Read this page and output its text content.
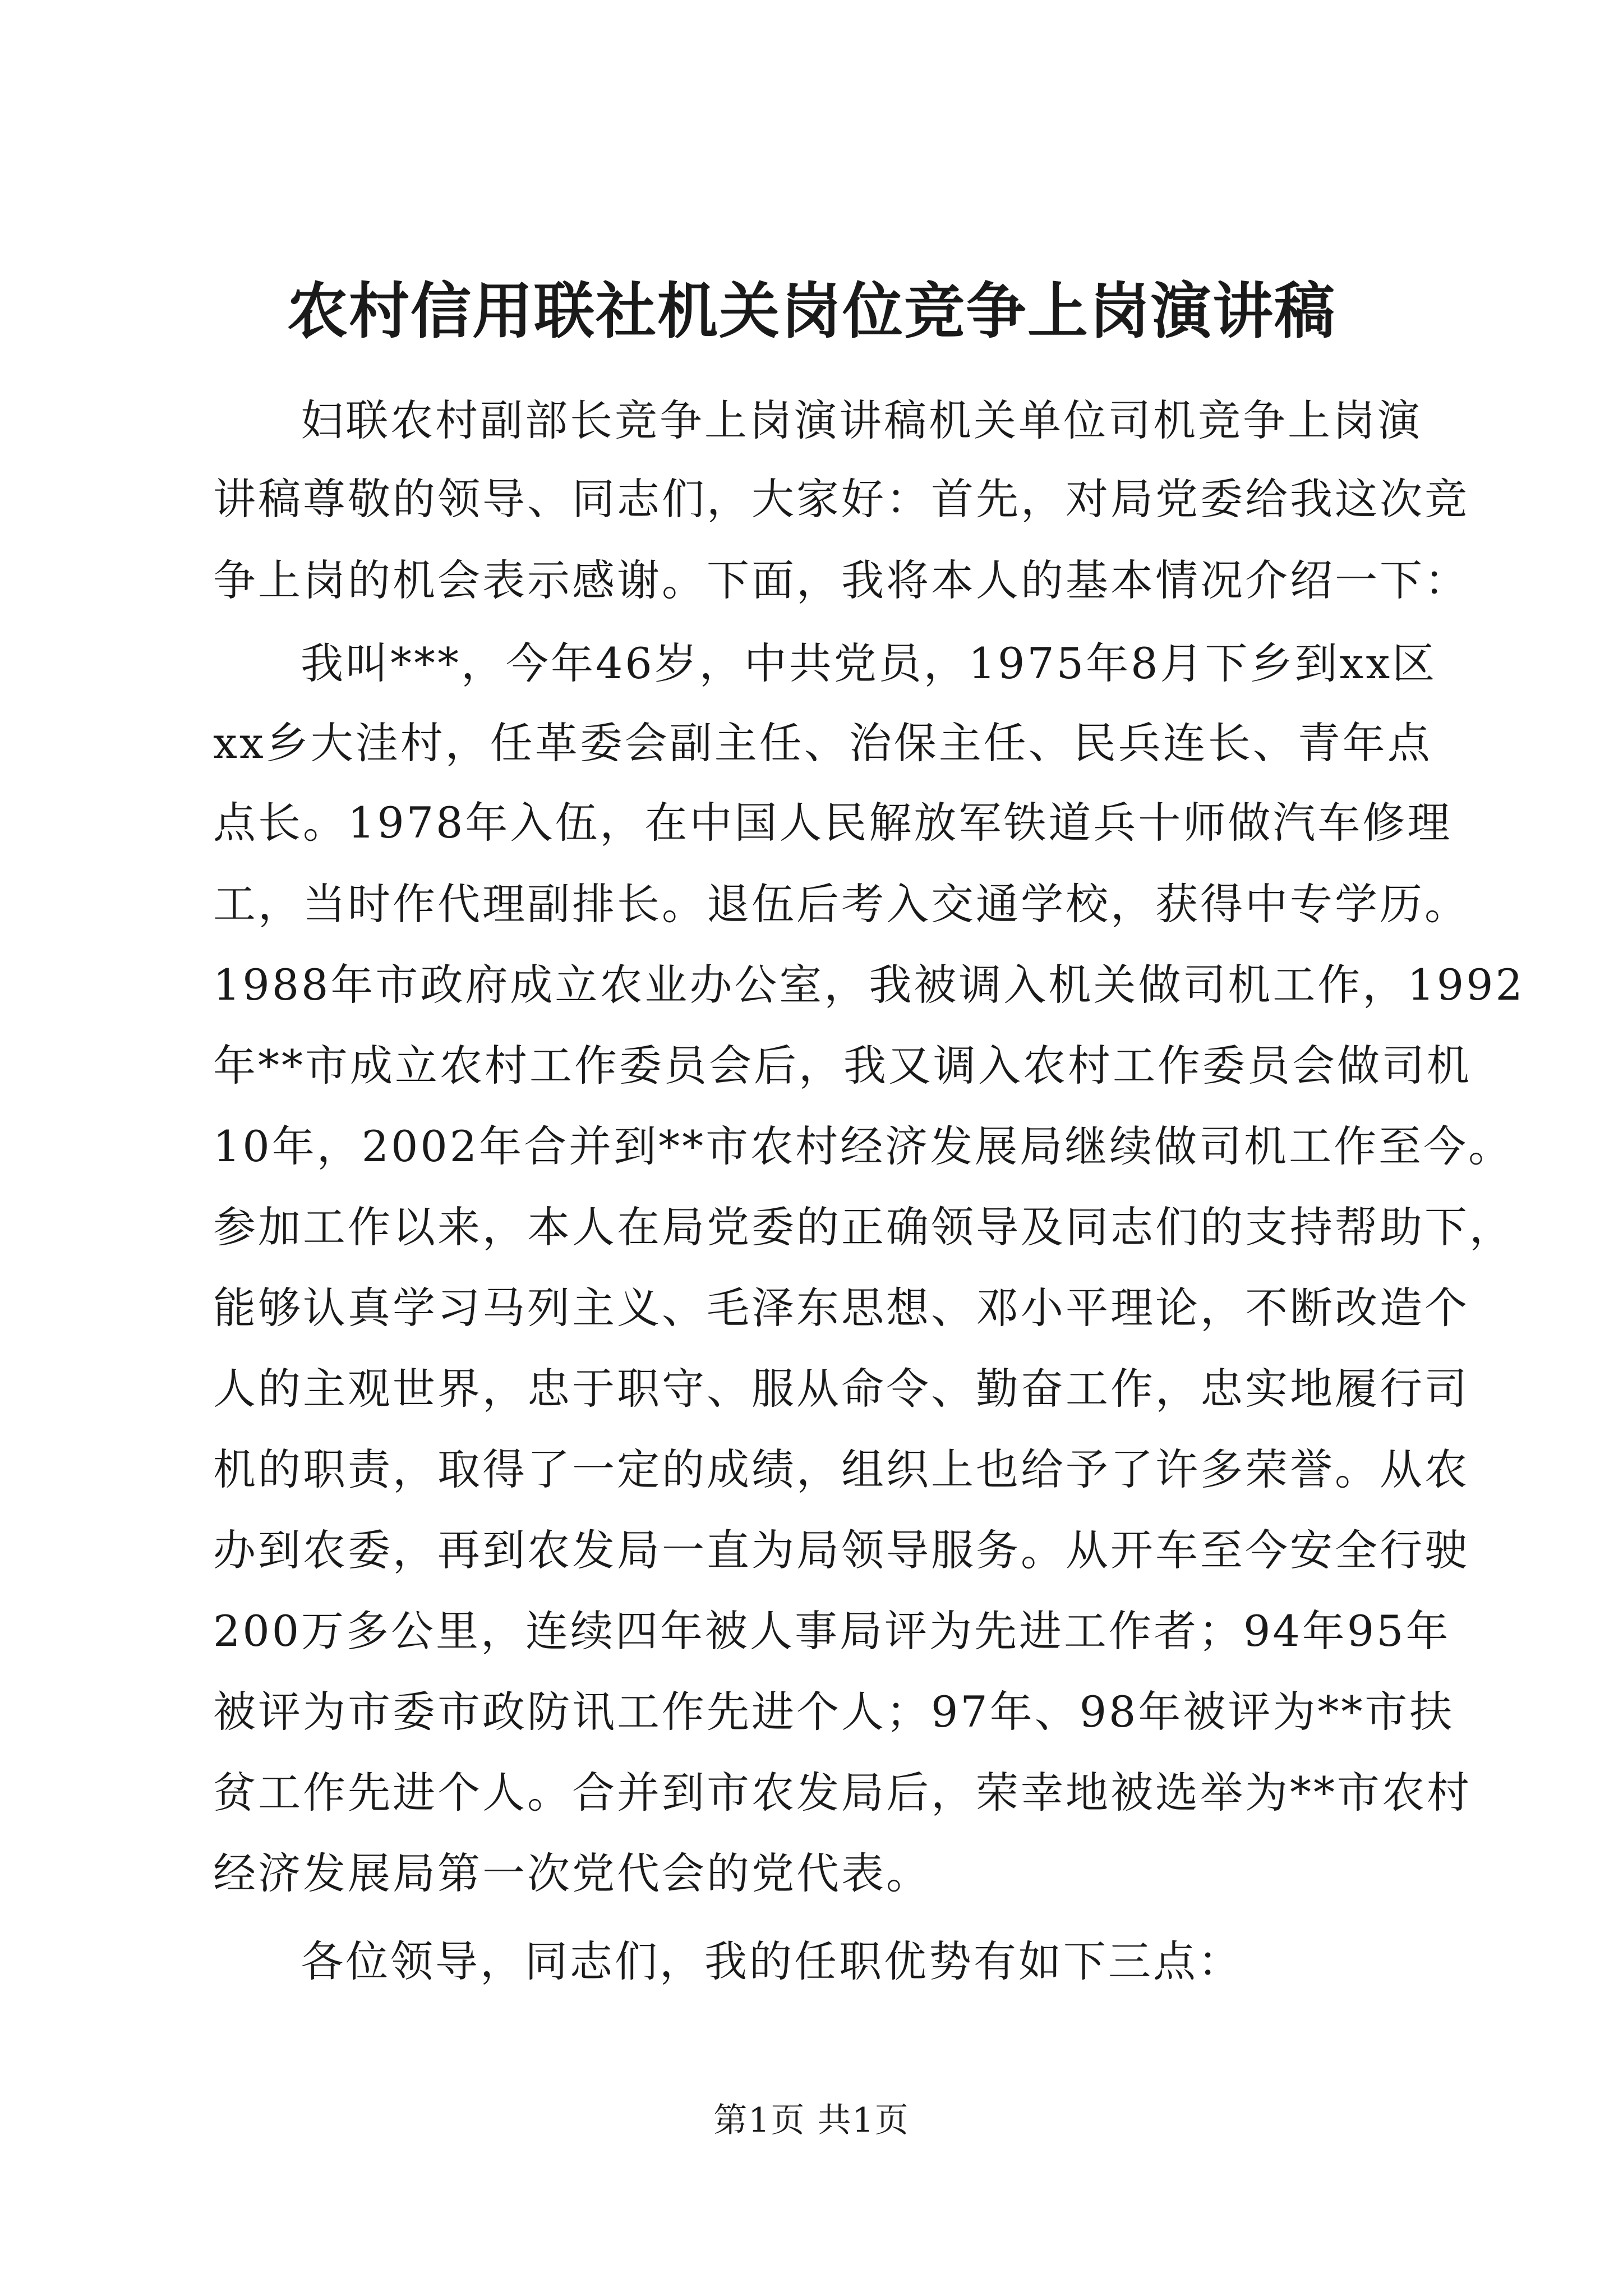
农村信用联社机关岗位竞争上岗演讲稿
妇联农村副部长竞争上岗演讲稿机关单位司机竞争上岗演
讲稿尊敬的领导、同志们，大家好：首先，对局党委给我这次竞
争上岗的机会表示感谢。下面，我将本人的基本情况介绍一下：
我叫***，今年46岁，中共党员，1975年8月下乡到xx区
xx乡大洼村，任革委会副主任、治保主任、民兵连长、青年点
点长。1978年入伍，在中国人民解放军铁道兵十师做汽车修理
工，当时作代理副排长。退伍后考入交通学校，获得中专学历。
1988年市政府成立农业办公室，我被调入机关做司机工作，1992
年**市成立农村工作委员会后，我又调入农村工作委员会做司机
10年，2002年合并到**市农村经济发展局继续做司机工作至今。
参加工作以来，本人在局党委的正确领导及同志们的支持帮助下，
能够认真学习马列主义、毛泽东思想、邓小平理论，不断改造个
人的主观世界，忠于职守、服从命令、勤奋工作，忠实地履行司
机的职责，取得了一定的成绩，组织上也给予了许多荣誉。从农
办到农委，再到农发局一直为局领导服务。从开车至今安全行驶
200万多公里，连续四年被人事局评为先进工作者；94年95年
被评为市委市政防讯工作先进个人；97年、98年被评为**市扶
贫工作先进个人。合并到市农发局后，荣幸地被选举为**市农村
经济发展局第一次党代会的党代表。
各位领导，同志们，我的任职优势有如下三点：
第1页 共1页
